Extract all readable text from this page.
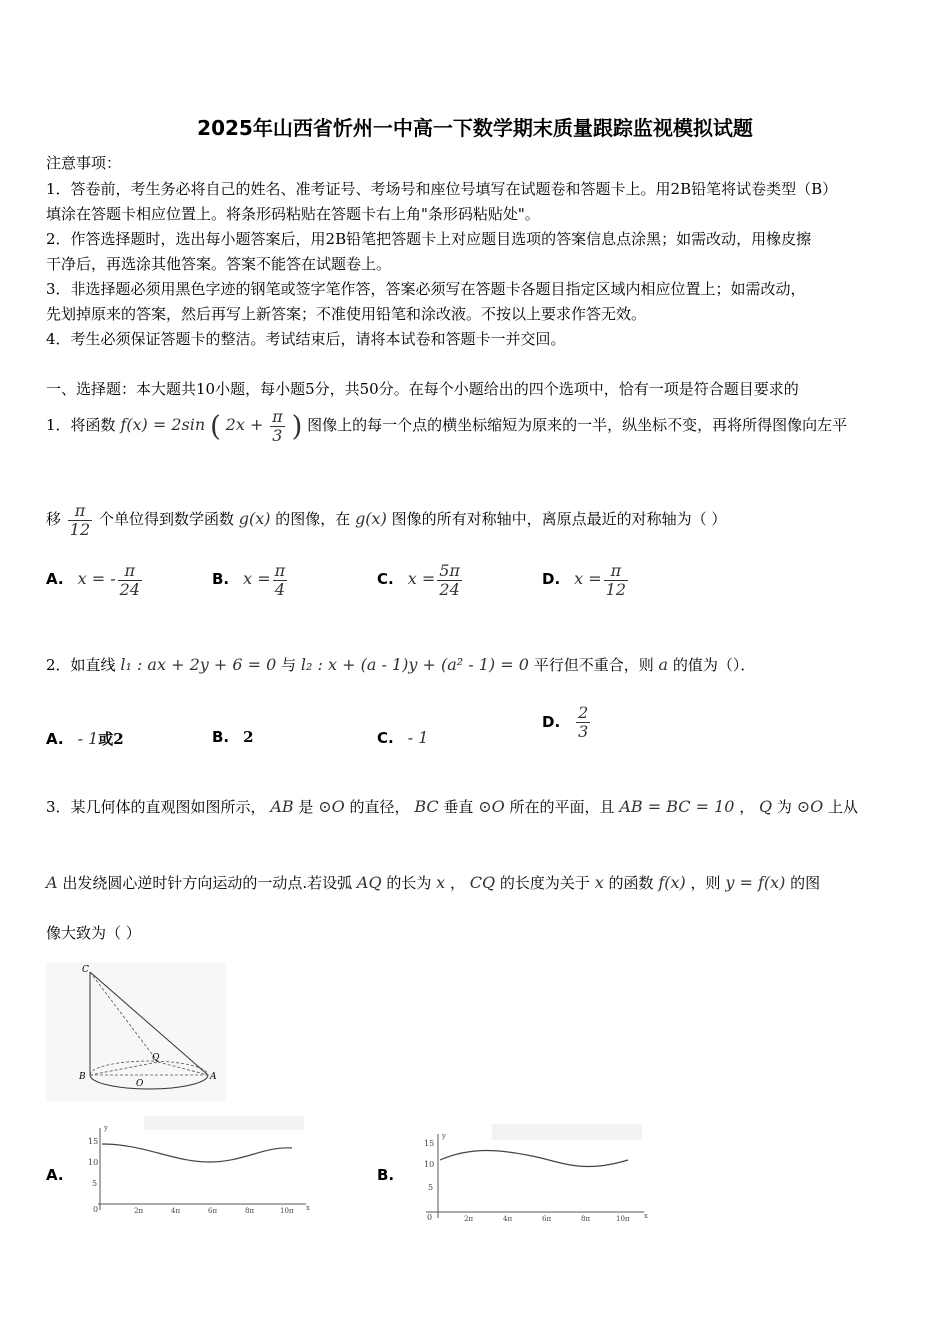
2025年山西省忻州一中高一下数学期末质量跟踪监视模拟试题
注意事项：
1．答卷前，考生务必将自己的姓名、准考证号、考场号和座位号填写在试题卷和答题卡上。用2B铅笔将试卷类型（B）
填涂在答题卡相应位置上。将条形码粘贴在答题卡右上角"条形码粘贴处"。
2．作答选择题时，选出每小题答案后，用2B铅笔把答题卡上对应题目选项的答案信息点涂黑；如需改动，用橡皮擦
干净后，再选涂其他答案。答案不能答在试题卷上。
3．非选择题必须用黑色字迹的钢笔或签字笔作答，答案必须写在答题卡各题目指定区域内相应位置上；如需改动，
先划掉原来的答案，然后再写上新答案；不准使用铅笔和涂改液。不按以上要求作答无效。
4．考生必须保证答题卡的整洁。考试结束后，请将本试卷和答题卡一并交回。
一、选择题：本大题共10小题，每小题5分，共50分。在每个小题给出的四个选项中，恰有一项是符合题目要求的
1．将函数 f(x) = 2sin ( $2x + \frac{\pi}{3}$ ) 图像上的每一个点的横坐标缩短为原来的一半，纵坐标不变，再将所得图像向左平
移 $\frac{\pi}{12}$ 个单位得到数学函数 g(x) 的图像，在 g(x) 图像的所有对称轴中，离原点最近的对称轴为（ ）
A. x = - $\frac{\pi}{24}$	B. $x = \frac{\pi}{4}$	C. $x = \frac{5\pi}{24}$	D. $x = \frac{\pi}{12}$
2．如直线 l₁ : ax + 2y + 6 = 0 与 l₂ : x + (a - 1)y + (a² - 1) = 0 平行但不重合，则 a 的值为（）．
A. - 1或2	B. 2	C. - 1
D. $\frac{2}{3}$
3．某几何体的直观图如图所示， AB 是 ⊙O 的直径， BC 垂直 ⊙O 所在的平面，且 AB = BC = 10 ， Q 为 ⊙O 上从
A 出发绕圆心逆时针方向运动的一动点.若设弧 AQ 的长为 x ， CQ 的长度为关于 x 的函数 f(x) ，则 y = f(x) 的图
像大致为（ ）
C
B	A
O
Q
A.
y
x
15
10
5
0	2π	4π	6π	8π	10π
B.
y
x
15
10
5
0	2π	4π	6π	8π	10π
